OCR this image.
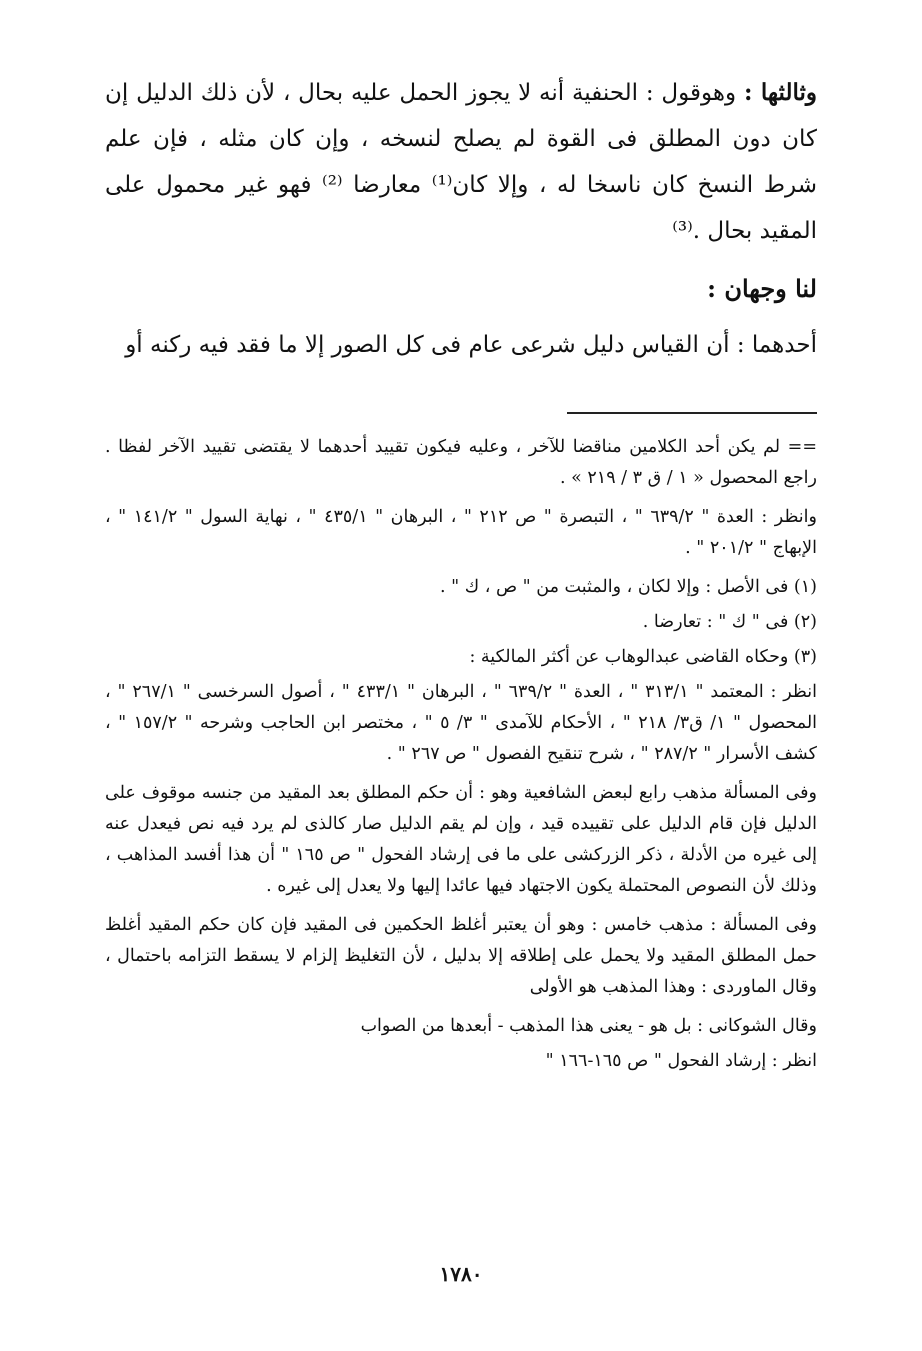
وثالثها : وهوقول : الحنفية أنه لا يجوز الحمل عليه بحال ، لأن ذلك الدليل إن كان دون المطلق فى القوة لم يصلح لنسخه ، وإن كان مثله ، فإن علم شرط النسخ كان ناسخا له ، وإلا كان⁽¹⁾ معارضا ⁽²⁾ فهو غير محمول على المقيد بحال .⁽³⁾

لنا وجهان :
أحدهما : أن القياس دليل شرعى عام فى كل الصور إلا ما فقد فيه ركنه أو

== لم يكن أحد الكلامين مناقضا للآخر ، وعليه فيكون تقييد أحدهما لا يقتضى تقييد الآخر لفظا . راجع المحصول « ١ / ق ٣ / ٢١٩ » .

وانظر : العدة " ٦٣٩/٢ " ، التبصرة " ص ٢١٢ " ، البرهان " ٤٣٥/١ " ، نهاية السول " ١٤١/٢ " ، الإبهاج " ٢٠١/٢ " .

(١) فى الأصل : وإلا لكان ، والمثبت من " ص ، ك " .

(٢) فى " ك " : تعارضا .

(٣) وحكاه القاضى عبدالوهاب عن أكثر المالكية :

انظر : المعتمد " ٣١٣/١ " ، العدة " ٦٣٩/٢ " ، البرهان " ٤٣٣/١ " ، أصول السرخسى " ٢٦٧/١ " ، المحصول " ١/ ق٣/ ٢١٨ " ، الأحكام للآمدى " ٣/ ٥ " ، مختصر ابن الحاجب وشرحه " ١٥٧/٢ " ، كشف الأسرار " ٢٨٧/٢ " ، شرح تنقيح الفصول " ص ٢٦٧ " .

وفى المسألة مذهب رابع لبعض الشافعية وهو : أن حكم المطلق بعد المقيد من جنسه موقوف على الدليل فإن قام الدليل على تقييده قيد ، وإن لم يقم الدليل صار كالذى لم يرد فيه نص فيعدل عنه إلى غيره من الأدلة ، ذكر الزركشى على ما فى إرشاد الفحول " ص ١٦٥ " أن هذا أفسد المذاهب ، وذلك لأن النصوص المحتملة يكون الاجتهاد فيها عائدا إليها ولا يعدل إلى غيره .

وفى المسألة : مذهب خامس : وهو أن يعتبر أغلظ الحكمين فى المقيد فإن كان حكم المقيد أغلظ حمل المطلق المقيد ولا يحمل على إطلاقه إلا بدليل ، لأن التغليظ إلزام لا يسقط التزامه باحتمال ، وقال الماوردى : وهذا المذهب هو الأولى

وقال الشوكانى : بل هو - يعنى هذا المذهب - أبعدها من الصواب

انظر : إرشاد الفحول " ص ١٦٥-١٦٦ "

١٧٨٠
